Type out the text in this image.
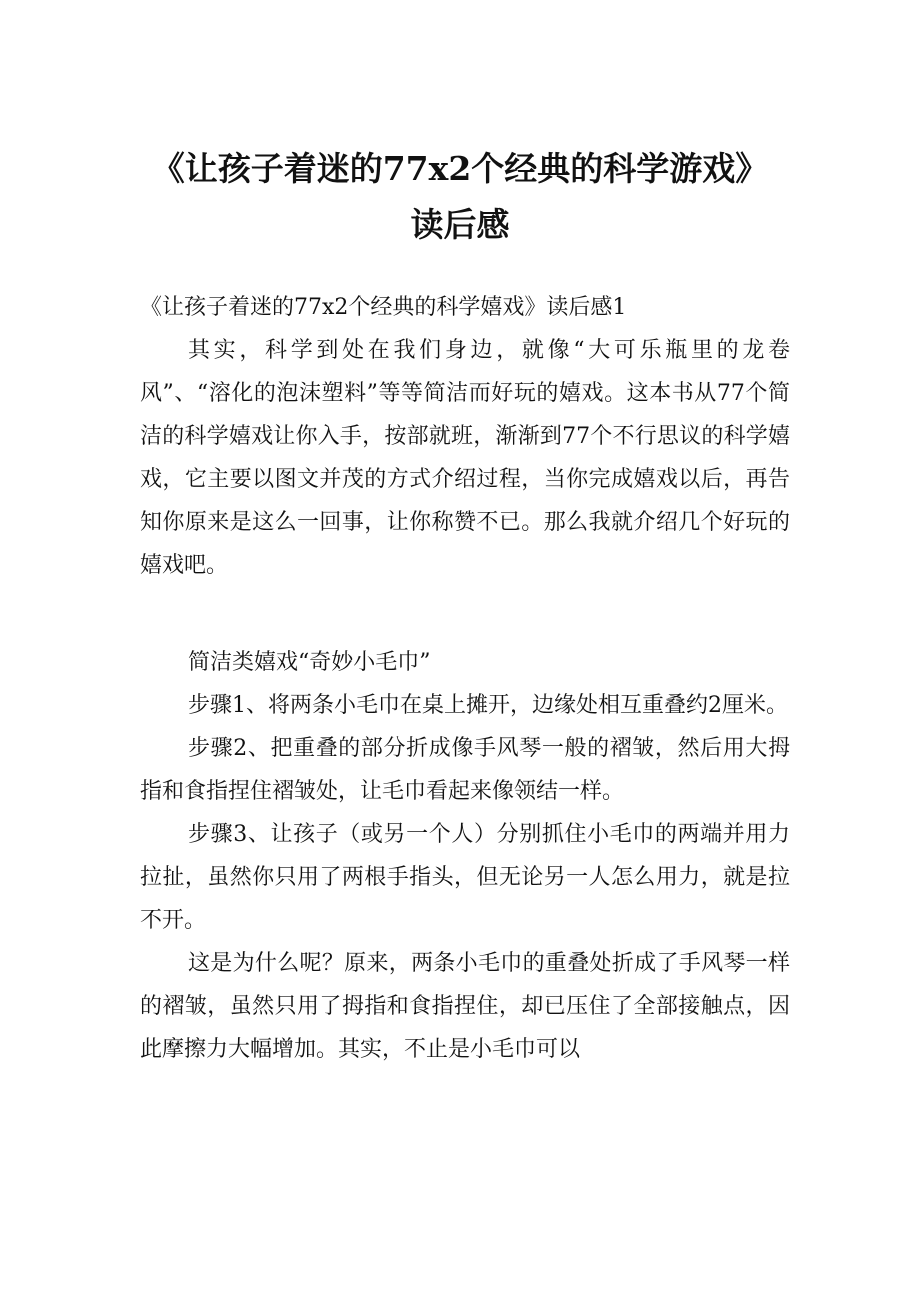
《让孩子着迷的77x2个经典的科学游戏》
读后感

《让孩子着迷的77x2个经典的科学嬉戏》读后感1

其实，科学到处在我们身边，就像“大可乐瓶里的龙卷风”、“溶化的泡沫塑料”等等简洁而好玩的嬉戏。这本书从77个简洁的科学嬉戏让你入手，按部就班，渐渐到77个不行思议的科学嬉戏，它主要以图文并茂的方式介绍过程，当你完成嬉戏以后，再告知你原来是这么一回事，让你称赞不已。那么我就介绍几个好玩的嬉戏吧。

简洁类嬉戏“奇妙小毛巾”

步骤1、将两条小毛巾在桌上摊开，边缘处相互重叠约2厘米。

步骤2、把重叠的部分折成像手风琴一般的褶皱，然后用大拇指和食指捏住褶皱处，让毛巾看起来像领结一样。

步骤3、让孩子（或另一个人）分别抓住小毛巾的两端并用力拉扯，虽然你只用了两根手指头，但无论另一人怎么用力，就是拉不开。

这是为什么呢？原来，两条小毛巾的重叠处折成了手风琴一样的褶皱，虽然只用了拇指和食指捏住，却已压住了全部接触点，因此摩擦力大幅增加。其实，不止是小毛巾可以
